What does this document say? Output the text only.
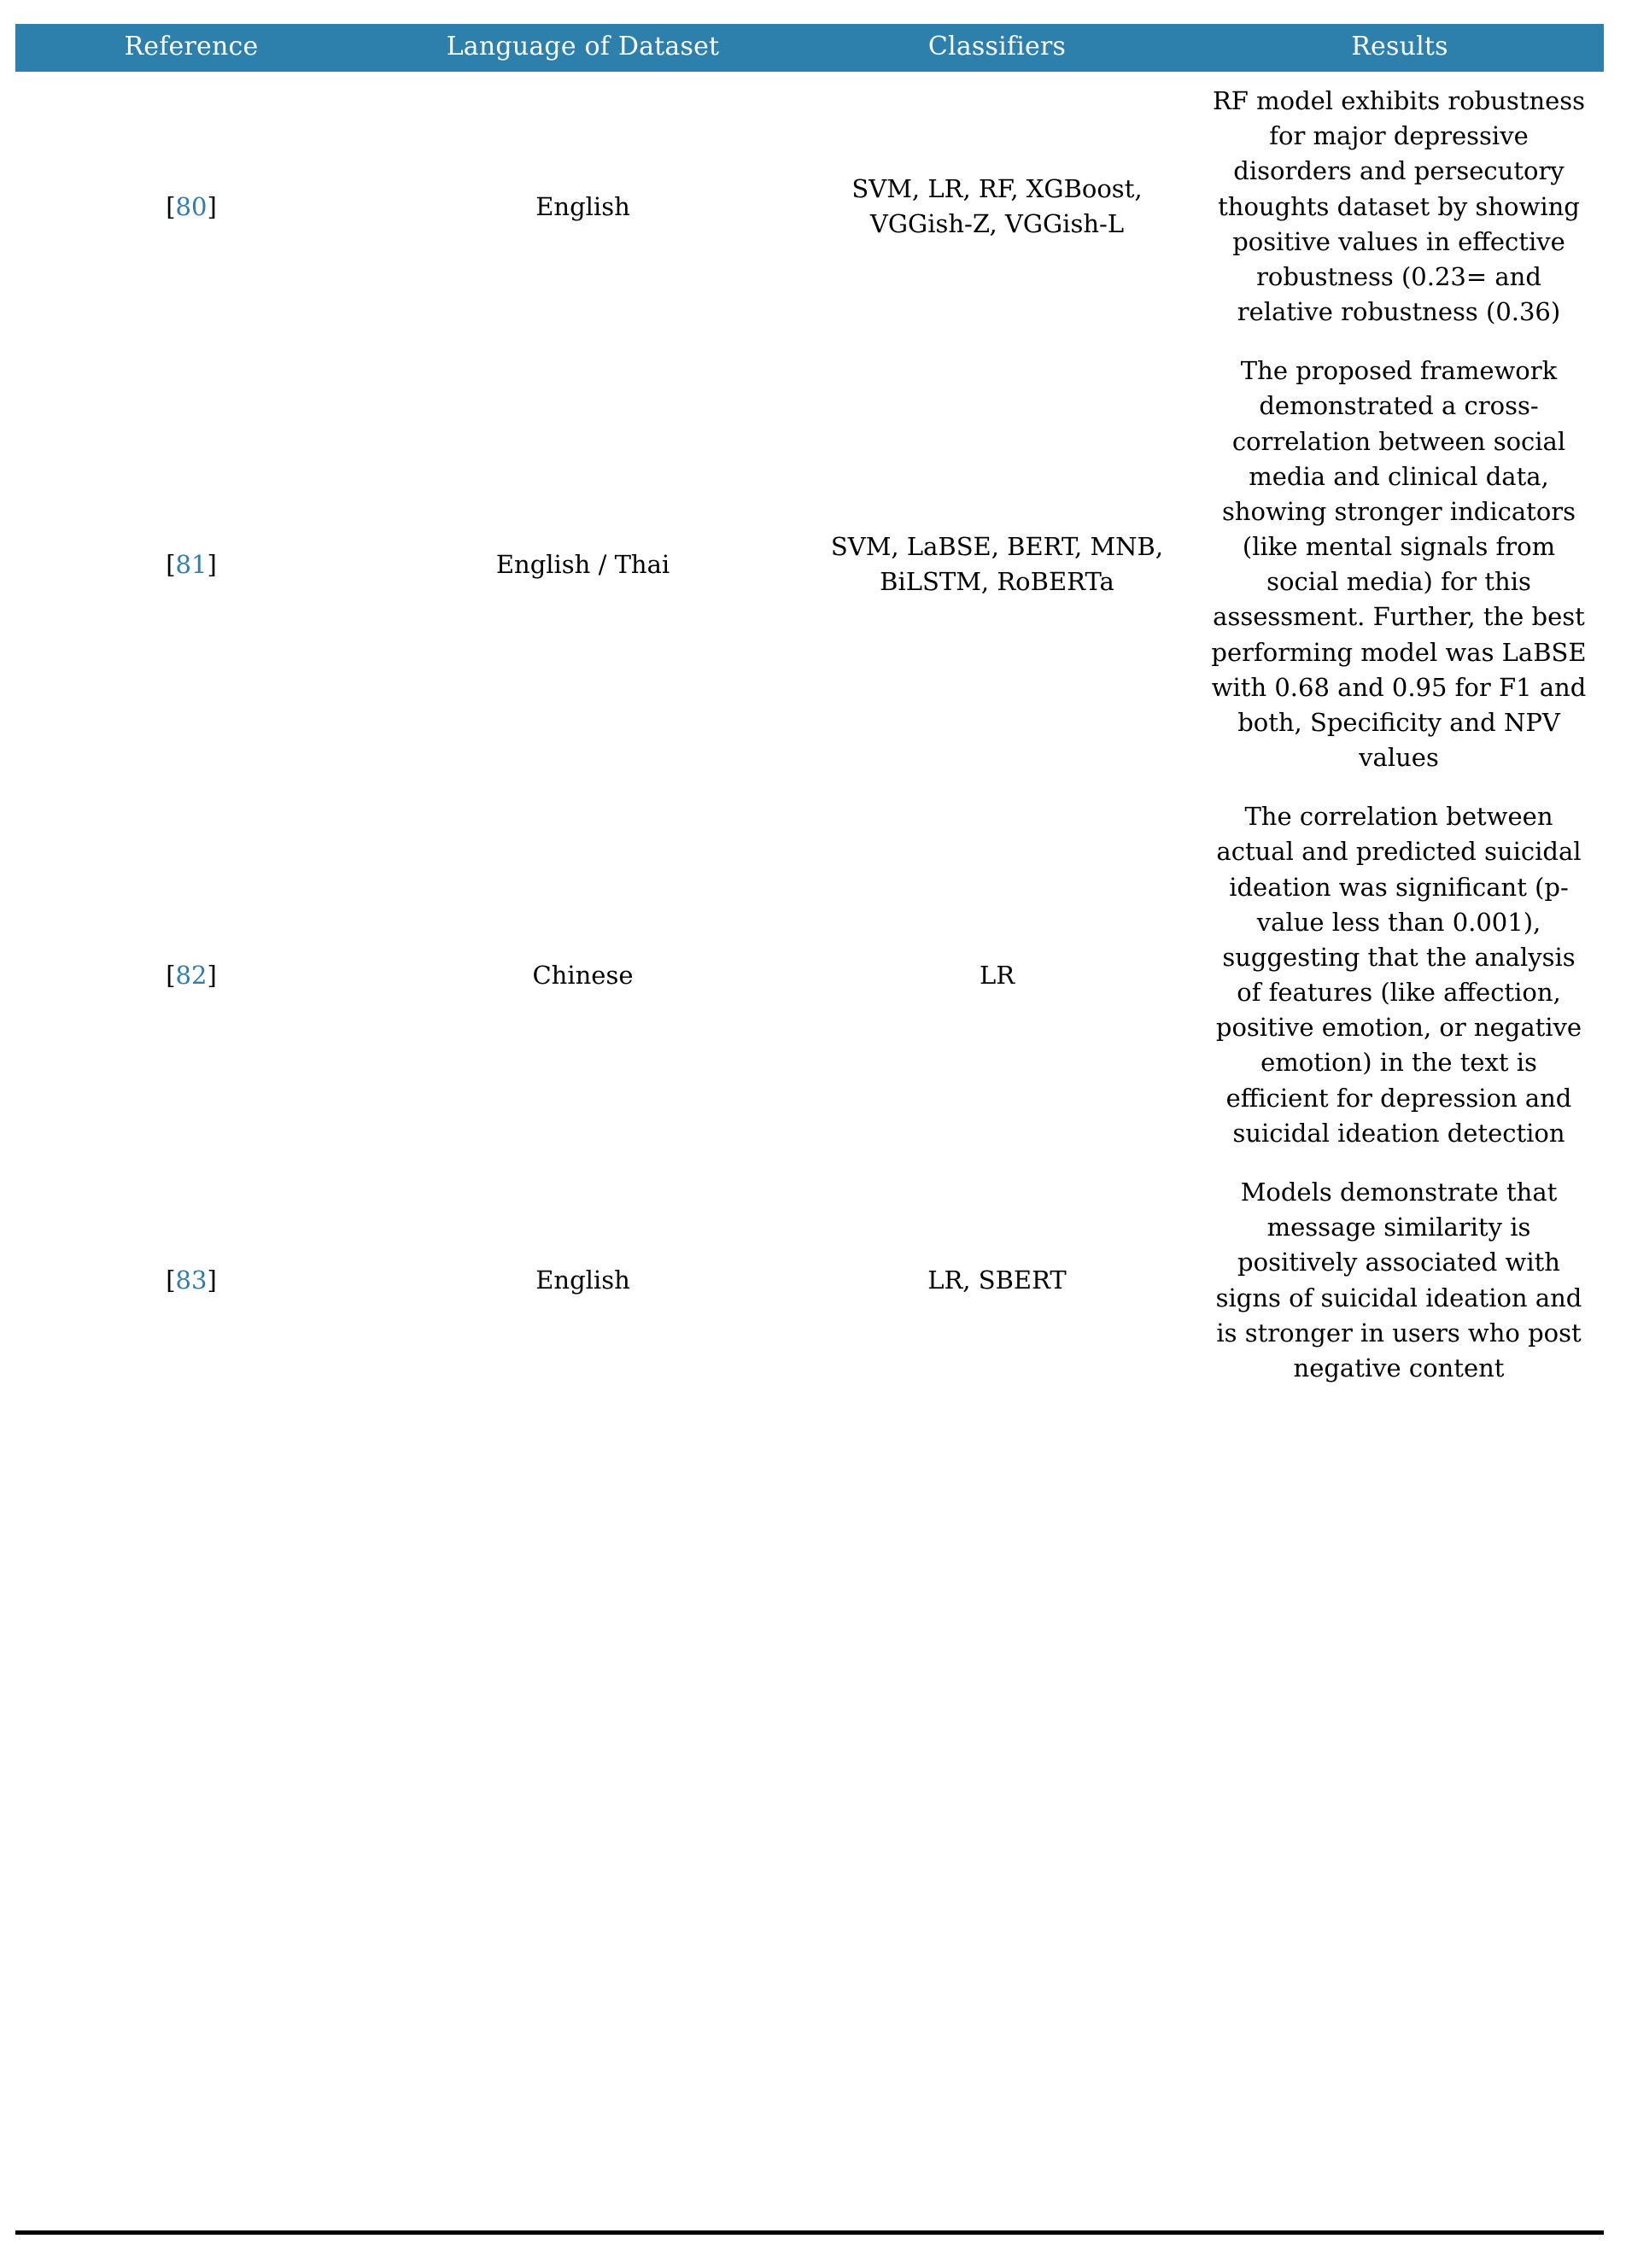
Reference	Language of Dataset	Classifiers	Results
[80]	English	SVM, LR, RF, XGBoost, VGGish-Z, VGGish-L	RF model exhibits robustness for major depressive disorders and persecutory thoughts dataset by showing positive values in effective robustness (0.23= and relative robustness (0.36)
[81]	English / Thai	SVM, LaBSE, BERT, MNB, BiLSTM, RoBERTa	The proposed framework demonstrated a cross-correlation between social media and clinical data, showing stronger indicators (like mental signals from social media) for this assessment. Further, the best performing model was LaBSE with 0.68 and 0.95 for F1 and both, Specificity and NPV values
[82]	Chinese	LR	The correlation between actual and predicted suicidal ideation was significant (p-value less than 0.001), suggesting that the analysis of features (like affection, positive emotion, or negative emotion) in the text is efficient for depression and suicidal ideation detection
[83]	English	LR, SBERT	Models demonstrate that message similarity is positively associated with signs of suicidal ideation and is stronger in users who post negative content
